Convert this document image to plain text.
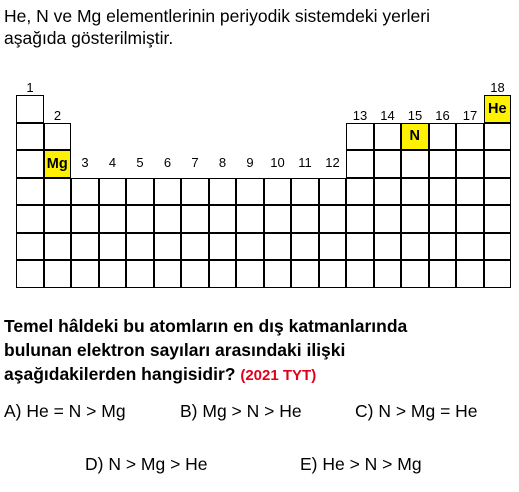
He, N ve Mg elementlerinin periyodik sistemdeki yerleri
aşağıda gösterilmiştir.
1
2
3	4	5	6	7	8	9	10	11	12
13	14	15	16	17
18
He
N
Mg
Temel hâldeki bu atomların en dış katmanlarında
bulunan elektron sayıları arasındaki ilişki
aşağıdakilerden hangisidir? (2021 TYT)
A) He = N > Mg	B) Mg > N > He	C) N > Mg = He
D) N > Mg > He	E) He > N > Mg
